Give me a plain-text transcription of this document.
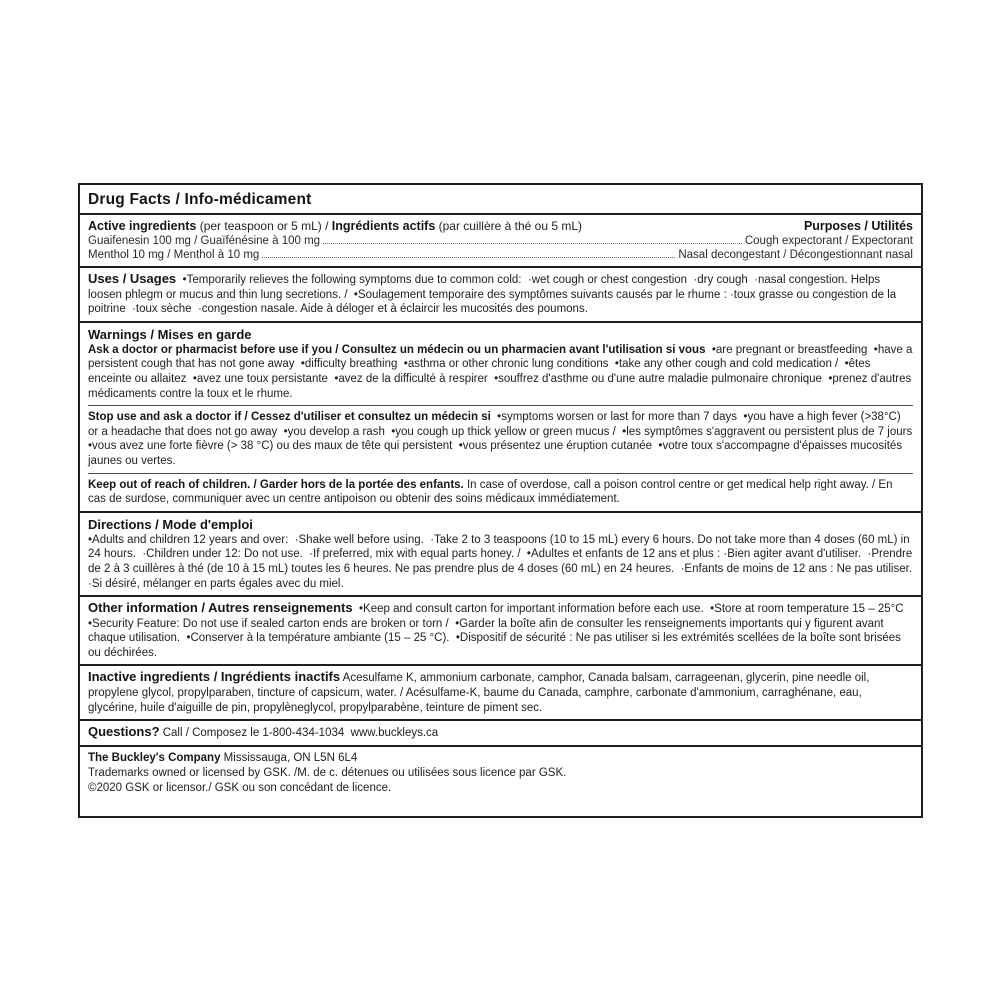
Drug Facts / Info-médicament

Active ingredients (per teaspoon or 5 mL) / Ingrédients actifs (par cuillère à thé ou 5 mL)	Purposes / Utilités
Guaifenesin 100 mg / Guaïfénésine à 100 mg	Cough expectorant / Expectorant
Menthol 10 mg / Menthol à 10 mg	Nasal decongestant / Décongestionnant nasal

Uses / Usages  •Temporarily relieves the following symptoms due to common cold:  ·wet cough or chest congestion  ·dry cough  ·nasal congestion. Helps loosen phlegm or mucus and thin lung secretions. /  •Soulagement temporaire des symptômes suivants causés par le rhume : ·toux grasse ou congestion de la poitrine  ·toux sèche  ·congestion nasale. Aide à déloger et à éclaircir les mucosités des poumons.

Warnings / Mises en garde

Ask a doctor or pharmacist before use if you / Consultez un médecin ou un pharmacien avant l'utilisation si vous  •are pregnant or breastfeeding  •have a persistent cough that has not gone away  •difficulty breathing  •asthma or other chronic lung conditions  •take any other cough and cold medication /  •êtes enceinte ou allaitez  •avez une toux persistante  •avez de la difficulté à respirer  •souffrez d'asthme ou d'une autre maladie pulmonaire chronique  •prenez d'autres médicaments contre la toux et le rhume.

Stop use and ask a doctor if / Cessez d'utiliser et consultez un médecin si  •symptoms worsen or last for more than 7 days  •you have a high fever (>38°C) or a headache that does not go away  •you develop a rash  •you cough up thick yellow or green mucus /  •les symptômes s'aggravent ou persistent plus de 7 jours  •vous avez une forte fièvre (> 38 °C) ou des maux de tête qui persistent  •vous présentez une éruption cutanée  •votre toux s'accompagne d'épaisses mucosités jaunes ou vertes.

Keep out of reach of children. / Garder hors de la portée des enfants. In case of overdose, call a poison control centre or get medical help right away. / En cas de surdose, communiquer avec un centre antipoison ou obtenir des soins médicaux immédiatement.

Directions / Mode d'emploi

•Adults and children 12 years and over:  ·Shake well before using.  ·Take 2 to 3 teaspoons (10 to 15 mL) every 6 hours. Do not take more than 4 doses (60 mL) in 24 hours.  ·Children under 12: Do not use.  ·If preferred, mix with equal parts honey. /  •Adultes et enfants de 12 ans et plus : ·Bien agiter avant d'utiliser.  ·Prendre de 2 à 3 cuillères à thé (de 10 à 15 mL) toutes les 6 heures. Ne pas prendre plus de 4 doses (60 mL) en 24 heures.  ·Enfants de moins de 12 ans : Ne pas utiliser.  ·Si désiré, mélanger en parts égales avec du miel.

Other information / Autres renseignements  •Keep and consult carton for important information before each use.  •Store at room temperature 15 – 25°C  •Security Feature: Do not use if sealed carton ends are broken or torn /  •Garder la boîte afin de consulter les renseignements importants qui y figurent avant chaque utilisation.  •Conserver à la température ambiante (15 – 25 °C).  •Dispositif de sécurité : Ne pas utiliser si les extrémités scellées de la boîte sont brisées ou déchirées.

Inactive ingredients / Ingrédients inactifs Acesulfame K, ammonium carbonate, camphor, Canada balsam, carrageenan, glycerin, pine needle oil, propylene glycol, propylparaben, tincture of capsicum, water. / Acésulfame-K, baume du Canada, camphre, carbonate d'ammonium, carraghénane, eau, glycérine, huile d'aiguille de pin, propylèneglycol, propylparabène, teinture de piment sec.

Questions? Call / Composez le 1-800-434-1034  www.buckleys.ca

The Buckley's Company Mississauga, ON L5N 6L4

Trademarks owned or licensed by GSK. /M. de c. détenues ou utilisées sous licence par GSK.

©2020 GSK or licensor./ GSK ou son concédant de licence.
